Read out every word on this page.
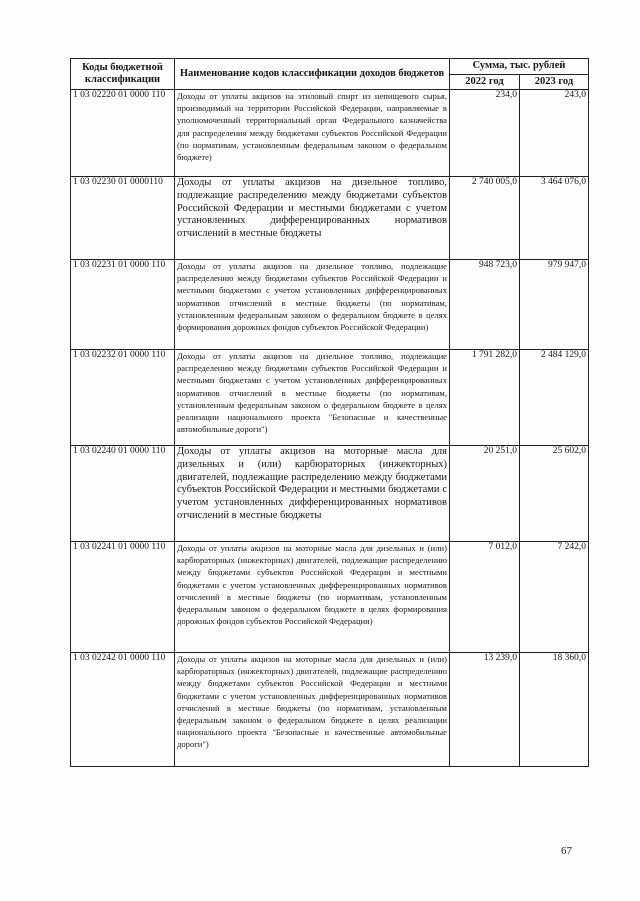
Коды бюджетной классификации	Наименование кодов классификации доходов бюджетов	Сумма, тыс. рублей	
		2022 год	2023 год
1 03 02220 01 0000 110	Доходы от уплаты акцизов на этиловый спирт из непищевого сырья, производимый на территории Российской Федерации, направляемые в уполномоченный территориальный орган Федерального казначейства для распределения между бюджетами субъектов Российской Федерации (по нормативам, установленным федеральным законом о федеральном бюджете)	234,0	243,0
1 03 02230 01 0000110	Доходы от уплаты акцизов на дизельное топливо, подлежащие распределению между бюджетами субъектов Российской Федерации и местными бюджетами с учетом установленных дифференцированных нормативов отчислений в местные бюджеты	2 740 005,0	3 464 076,0
1 03 02231 01 0000 110	Доходы от уплаты акцизов на дизельное топливо, подлежащие распределению между бюджетами субъектов Российской Федерации и местными бюджетами с учетом установленных дифференцированных нормативов отчислений в местные бюджеты (по нормативам, установленным федеральным законом о федеральном бюджете в целях формирования дорожных фондов субъектов Российской Федерации)	948 723,0	979 947,0
1 03 02232 01 0000 110	Доходы от уплаты акцизов на дизельное топливо, подлежащие распределению между бюджетами субъектов Российской Федерации и местными бюджетами с учетом установленных дифференцированных нормативов отчислений в местные бюджеты (по нормативам, установленным федеральным законом о федеральном бюджете в целях реализации национального проекта "Безопасные и качественные автомобильные дороги")	1 791 282,0	2 484 129,0
1 03 02240 01 0000 110	Доходы от уплаты акцизов на моторные масла для дизельных и (или) карбюраторных (инжекторных) двигателей, подлежащие распределению между бюджетами субъектов Российской Федерации и местными бюджетами с учетом установленных дифференцированных нормативов отчислений в местные бюджеты	20 251,0	25 602,0
1 03 02241 01 0000 110	Доходы от уплаты акцизов на моторные масла для дизельных и (или) карбюраторных (инжекторных) двигателей, подлежащие распределению между бюджетами субъектов Российской Федерации и местными бюджетами с учетом установленных дифференцированных нормативов отчислений в местные бюджеты (по нормативам, установленным федеральным законом о федеральном бюджете в целях формирования дорожных фондов субъектов Российской Федерации)	7 012,0	7 242,0
1 03 02242 01 0000 110	Доходы от уплаты акцизов на моторные масла для дизельных и (или) карбюраторных (инжекторных) двигателей, подлежащие распределению между бюджетами субъектов Российской Федерации и местными бюджетами с учетом установленных дифференцированных нормативов отчислений в местные бюджеты (по нормативам, установленным федеральным законом о федеральном бюджете в целях реализации национального проекта "Безопасные и качественные автомобильные дороги")	13 239,0	18 360,0
67
